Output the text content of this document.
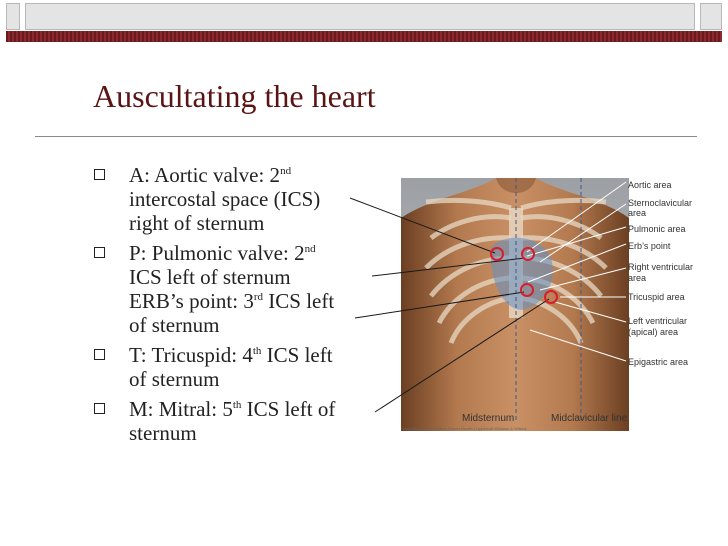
Auscultating the heart
A: Aortic valve: 2nd
intercostal space (ICS)
right of sternum
P: Pulmonic valve: 2nd
ICS left of sternum
ERB’s point: 3rd ICS left
of sternum
T: Tricuspid: 4th ICS left
of sternum
M: Mitral: 5th ICS left of
sternum	Copyright © 2010 Wolters Kluwer Health | Lippincott Williams & Wilkins
Aortic area
Sternoclavicular
area
Pulmonic area
Erb’s point
Right ventricular
area
Tricuspid area
Left ventricular
(apical) area
Epigastric area
Midsternum	Midclavicular line
